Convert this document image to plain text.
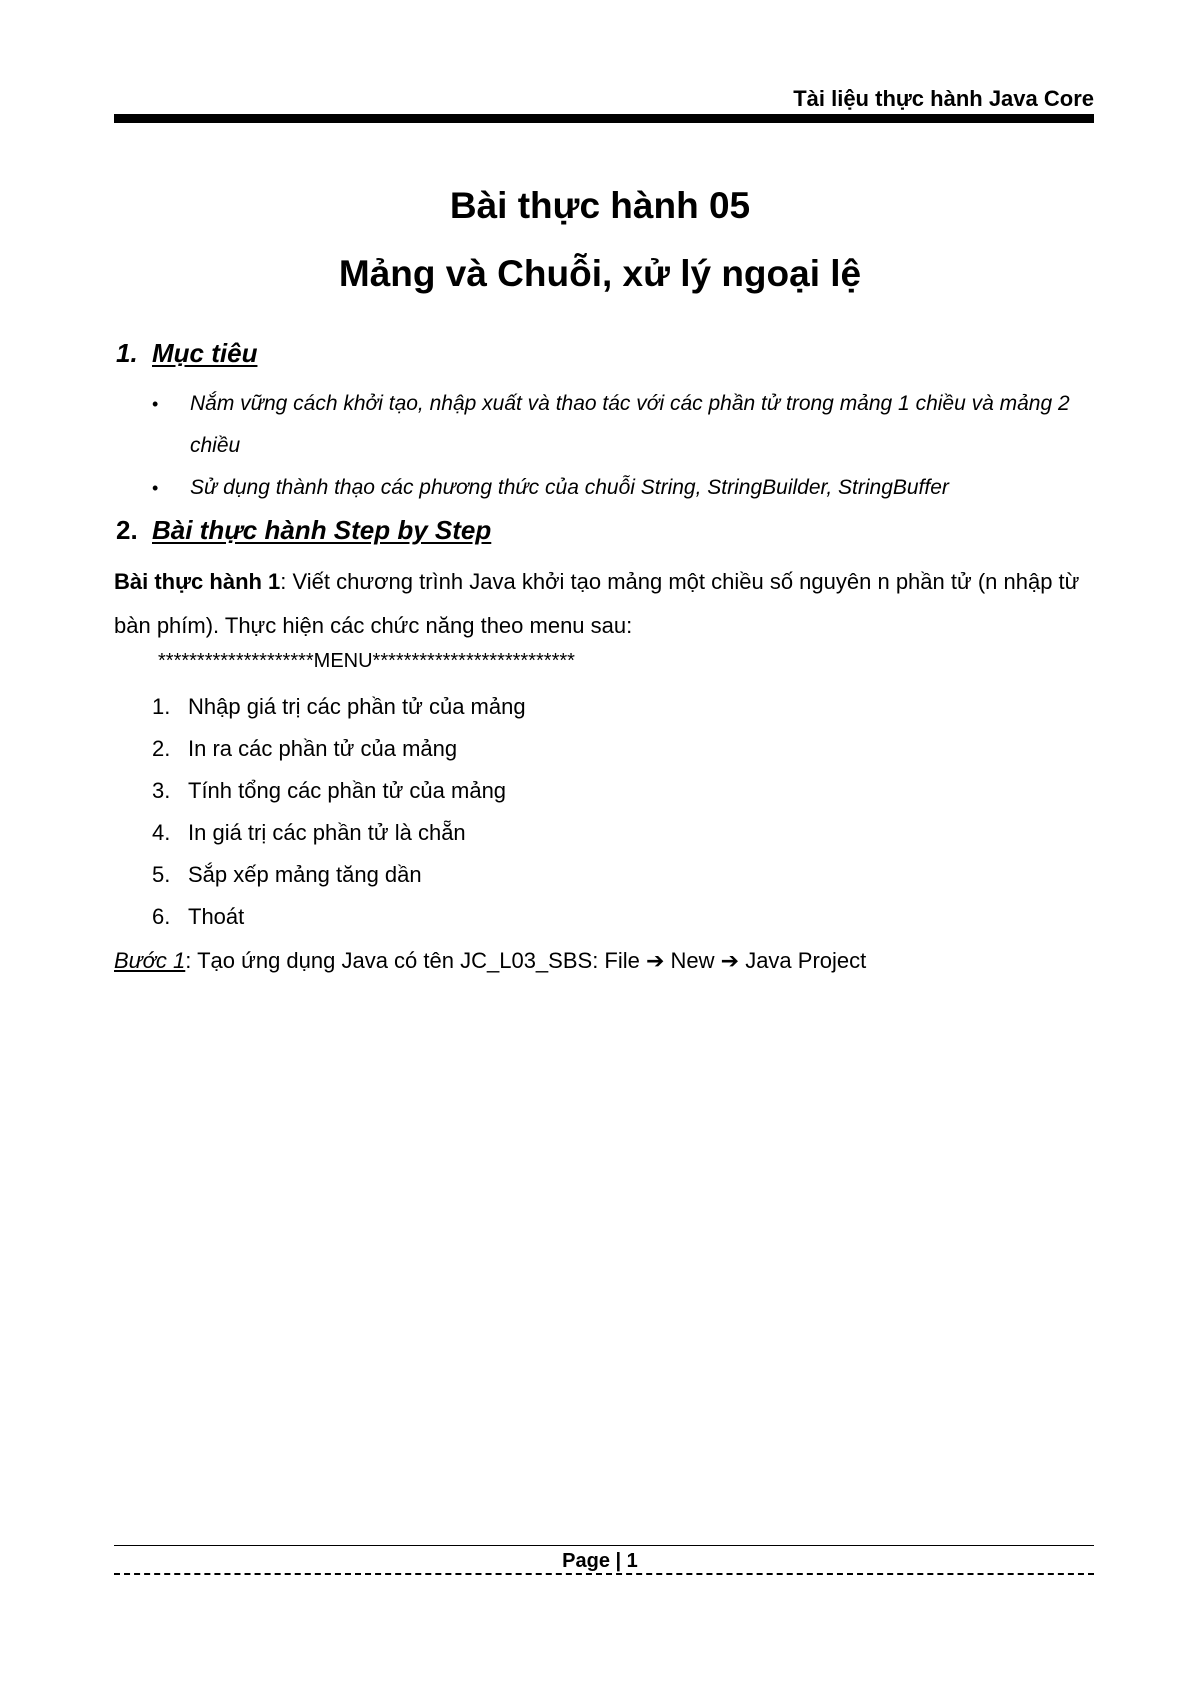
Tài liệu thực hành Java Core
Bài thực hành 05
Mảng và Chuỗi, xử lý ngoại lệ
1. Mục tiêu
• Nắm vững cách khởi tạo, nhập xuất và thao tác với các phần tử trong mảng 1 chiều và mảng 2 chiều
• Sử dụng thành thạo các phương thức của chuỗi String, StringBuilder, StringBuffer
2. Bài thực hành Step by Step
Bài thực hành 1: Viết chương trình Java khởi tạo mảng một chiều số nguyên n phần tử (n nhập từ bàn phím). Thực hiện các chức năng theo menu sau:
********************MENU**************************
1. Nhập giá trị các phần tử của mảng
2. In ra các phần tử của mảng
3. Tính tổng các phần tử của mảng
4. In giá trị các phần tử là chẵn
5. Sắp xếp mảng tăng dần
6. Thoát
Bước 1: Tạo ứng dụng Java có tên JC_L03_SBS: File ➔ New ➔ Java Project
Page | 1
